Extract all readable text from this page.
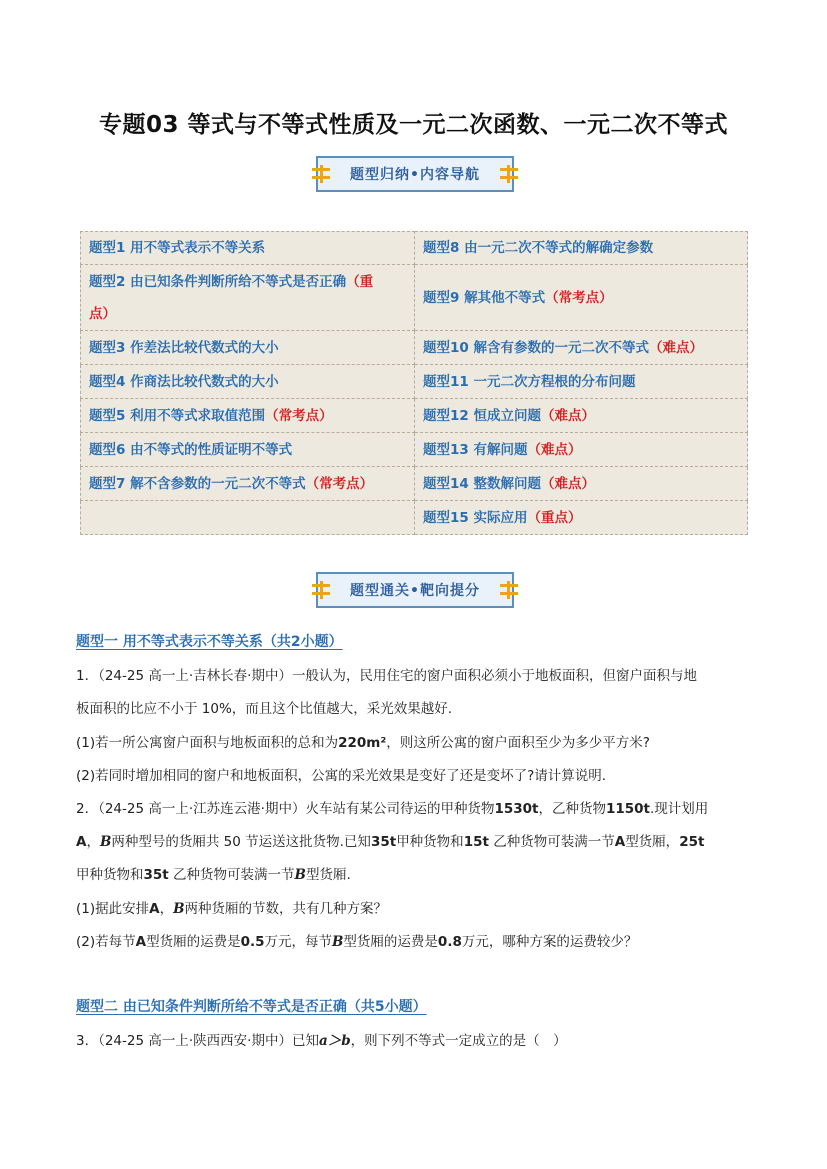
专题03 等式与不等式性质及一元二次函数、一元二次不等式
题型归纳•内容导航
题型1 用不等式表示不等关系	题型8 由一元二次不等式的解确定参数
题型2 由已知条件判断所给不等式是否正确（重
点）	题型9 解其他不等式（常考点）
题型3 作差法比较代数式的大小	题型10 解含有参数的一元二次不等式（难点）
题型4 作商法比较代数式的大小	题型11 一元二次方程根的分布问题
题型5 利用不等式求取值范围（常考点）	题型12 恒成立问题（难点）
题型6 由不等式的性质证明不等式	题型13 有解问题（难点）
题型7 解不含参数的一元二次不等式（常考点）	题型14 整数解问题（难点）
	题型15 实际应用（重点）
题型通关•靶向提分
题型一 用不等式表示不等关系（共2小题）
1．（24-25 高一上·吉林长春·期中）一般认为，民用住宅的窗户面积必须小于地板面积，但窗户面积与地
板面积的比应不小于 10%，而且这个比值越大，采光效果越好.
(1)若一所公寓窗户面积与地板面积的总和为220m²，则这所公寓的窗户面积至少为多少平方米?
(2)若同时增加相同的窗户和地板面积，公寓的采光效果是变好了还是变坏了?请计算说明.
2．（24-25 高一上·江苏连云港·期中）火车站有某公司待运的甲种货物1530t，乙种货物1150t.现计划用
A，B两种型号的货厢共 50 节运送这批货物.已知35t甲种货物和15t 乙种货物可装满一节A型货厢，25t
甲种货物和35t 乙种货物可装满一节B型货厢.
(1)据此安排A，B两种货厢的节数，共有几种方案？
(2)若每节A型货厢的运费是0.5万元，每节B型货厢的运费是0.8万元，哪种方案的运费较少？
题型二 由已知条件判断所给不等式是否正确（共5小题）
3．（24-25 高一上·陕西西安·期中）已知a＞b，则下列不等式一定成立的是（　）
